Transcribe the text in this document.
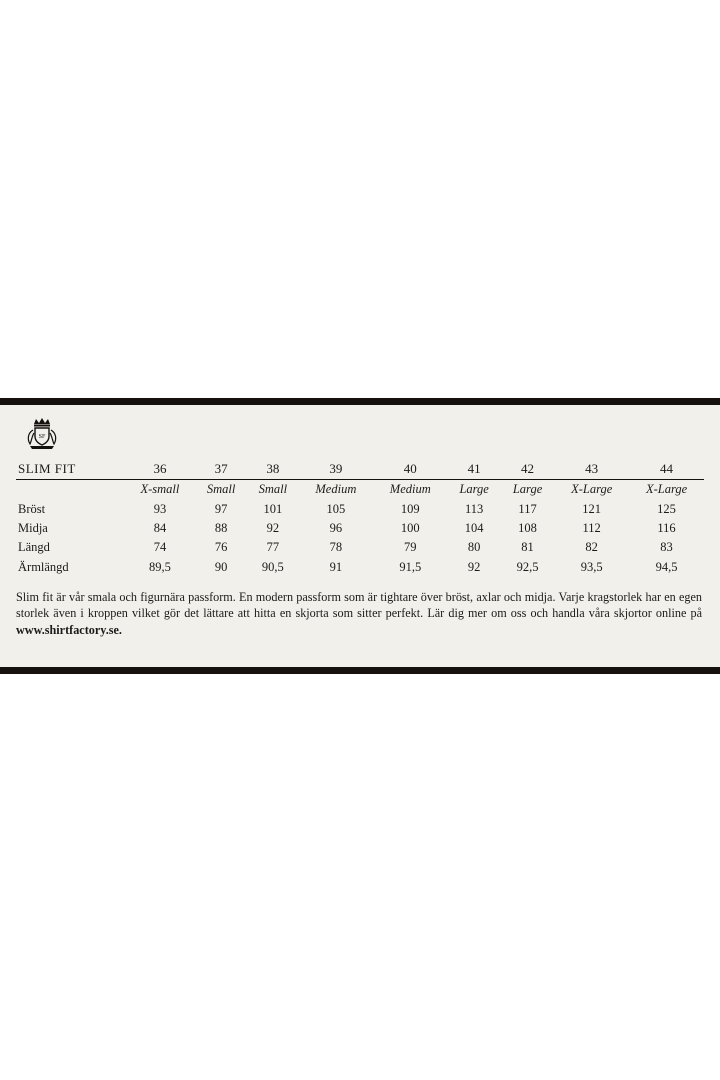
SF
SLIM FIT	36	37	38	39	40	41	42	43	44

	X-small	Small	Small	Medium	Medium	Large	Large	X-Large	X-Large
Bröst	93	97	101	105	109	113	117	121	125
Midja	84	88	92	96	100	104	108	112	116
Längd	74	76	77	78	79	80	81	82	83
Ärmlängd	89,5	90	90,5	91	91,5	92	92,5	93,5	94,5

Slim fit är vår smala och figurnära passform. En modern passform som är tightare över bröst, axlar och midja. Varje kragstorlek har en egen storlek även i kroppen vilket gör det lättare att hitta en skjorta som sitter perfekt. Lär dig mer om oss och handla våra skjortor online på www.shirtfactory.se.
